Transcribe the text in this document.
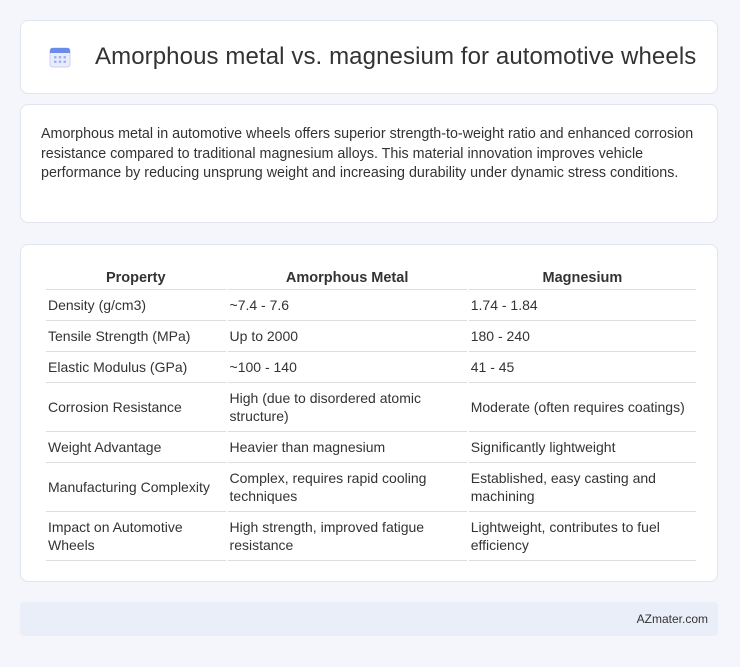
Amorphous metal vs. magnesium for automotive wheels

Amorphous metal in automotive wheels offers superior strength-to-weight ratio and enhanced corrosion resistance compared to traditional magnesium alloys. This material innovation improves vehicle performance by reducing unsprung weight and increasing durability under dynamic stress conditions.

Property	Amorphous Metal	Magnesium
Density (g/cm3)	~7.4 - 7.6	1.74 - 1.84
Tensile Strength (MPa)	Up to 2000	180 - 240
Elastic Modulus (GPa)	~100 - 140	41 - 45
Corrosion Resistance	High (due to disordered atomic structure)	Moderate (often requires coatings)
Weight Advantage	Heavier than magnesium	Significantly lightweight
Manufacturing Complexity	Complex, requires rapid cooling techniques	Established, easy casting and machining
Impact on Automotive Wheels	High strength, improved fatigue resistance	Lightweight, contributes to fuel efficiency
AZmater.com
